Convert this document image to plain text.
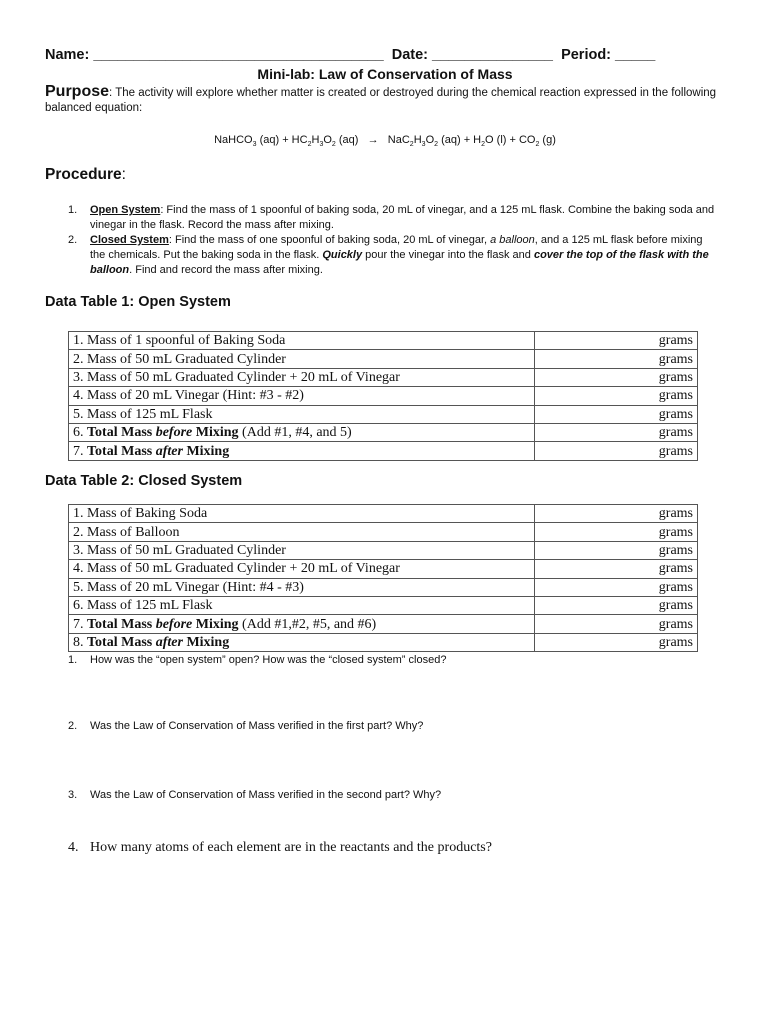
Name: ____________________________________ Date: _______________ Period: _____
Mini-lab: Law of Conservation of Mass
Purpose: The activity will explore whether matter is created or destroyed during the chemical reaction expressed in the following balanced equation:
NaHCO$_3$ $(aq) + HC_2H_3O_2$ $(aq) \to NaC_2H_3O_2$ $(aq) + H_2O$ $(l) + CO_2$ (g)
Procedure:
1. Open System: Find the mass of 1 spoonful of baking soda, 20 mL of vinegar, and a 125 mL flask. Combine the baking soda and vinegar in the flask. Record the mass after mixing.
2. Closed System: Find the mass of one spoonful of baking soda, 20 mL of vinegar, a balloon, and a 125 mL flask before mixing the chemicals. Put the baking soda in the flask. Quickly pour the vinegar into the flask and cover the top of the flask with the balloon. Find and record the mass after mixing.
Data Table 1: Open System
1. Mass of 1 spoonful of Baking Soda	grams
2. Mass of 50 mL Graduated Cylinder	grams
3. Mass of 50 mL Graduated Cylinder + 20 mL of Vinegar	grams
4. Mass of 20 mL Vinegar (Hint: #3 - #2)	grams
5. Mass of 125 mL Flask	grams
6. Total Mass before Mixing (Add #1, #4, and 5)	grams
7. Total Mass after Mixing	grams
Data Table 2: Closed System
1. Mass of Baking Soda	grams
2. Mass of Balloon	grams
3. Mass of 50 mL Graduated Cylinder	grams
4. Mass of 50 mL Graduated Cylinder + 20 mL of Vinegar	grams
5. Mass of 20 mL Vinegar (Hint: #4 - #3)	grams
6. Mass of 125 mL Flask	grams
7. Total Mass before Mixing (Add #1,#2, #5, and #6)	grams
8. Total Mass after Mixing	grams
1. How was the “open system” open? How was the “closed system” closed?
2. Was the Law of Conservation of Mass verified in the first part? Why?
3. Was the Law of Conservation of Mass verified in the second part? Why?
4. How many atoms of each element are in the reactants and the products?
